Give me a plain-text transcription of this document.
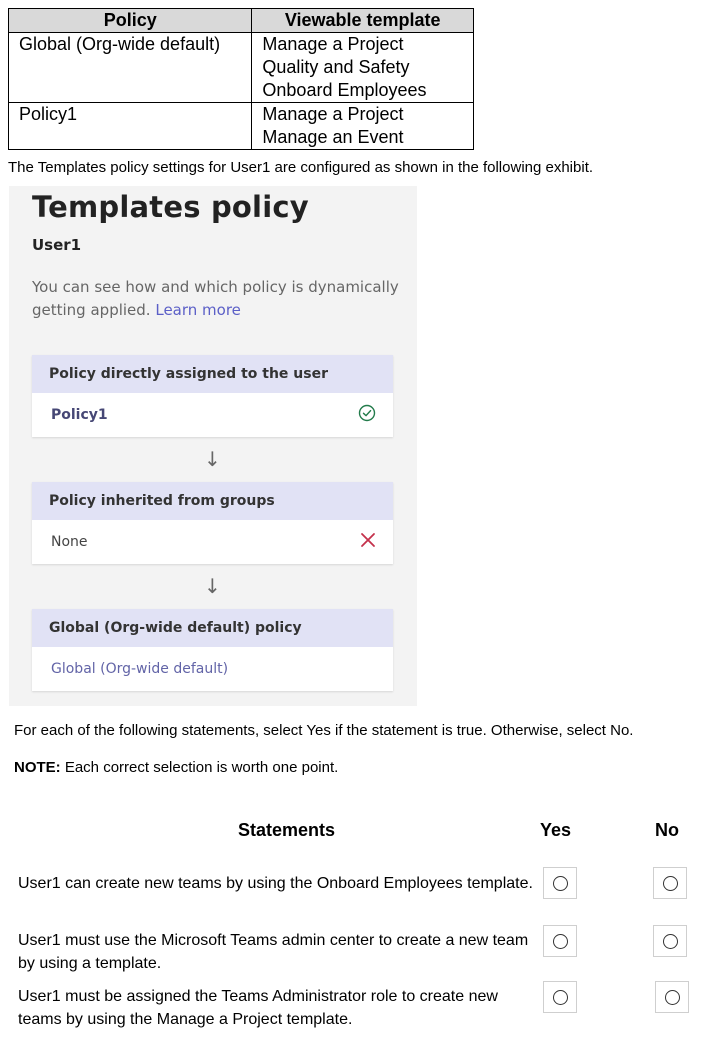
Policy	Viewable template
Global (Org-wide default)	Manage a Project
Quality and Safety
Onboard Employees

Policy1	Manage a Project
Manage an Event
The Templates policy settings for User1 are configured as shown in the following exhibit.
Templates policy
User1
You can see how and which policy is dynamically getting applied. Learn more
Policy directly assigned to the user
Policy1
↓
Policy inherited from groups
None
↓
Global (Org-wide default) policy
Global (Org-wide default)
For each of the following statements, select Yes if the statement is true. Otherwise, select No.
NOTE: Each correct selection is worth one point.
Statements	Yes	No
User1 can create new teams by using the Onboard Employees template.
User1 must use the Microsoft Teams admin center to create a new team by using a template.
User1 must be assigned the Teams Administrator role to create new teams by using the Manage a Project template.
